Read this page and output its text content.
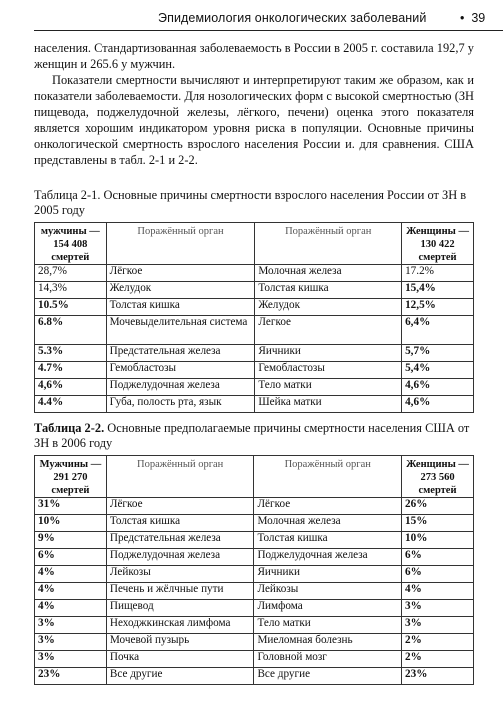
Эпидемиология онкологических заболеваний	• 39

населения. Стандартизованная заболеваемость в России в 2005 г. составила 192,7 у женщин и 265.6 у мужчин.

Показатели смертности вычисляют и интерпретируют таким же образом, как и показатели заболеваемости. Для нозологических форм с высокой смертностью (ЗН пищевода, поджелудочной железы, лёгкого, печени) оценка этого показателя является хорошим индикатором уровня риска в популяции. Основные причины онкологической смертность взрослого населения России и. для сравнения. США представлены в табл. 2-1 и 2-2.

Таблица 2-1. Основные причины смертности взрослого населения России от ЗН в 2005 году
мужчины — 154 408 смертей	Поражённый орган	Поражённый орган	Женщины — 130 422 смертей
28,7%	Лёгкое	Молочная железа	17.2%
14,3%	Желудок	Толстая кишка	15,4%
10.5%	Толстая кишка	Желудок	12,5%
6.8%	Мочевыделительная система	Легкое	6,4%
5.3%	Предстательная железа	Яичники	5,7%
4.7%	Гемобластозы	Гемобластозы	5,4%
4,6%	Поджелудочная железа	Тело матки	4,6%
4.4%	Губа, полость рта, язык	Шейка матки	4,6%
Таблица 2-2. Основные предполагаемые причины смертности населения США от ЗН в 2006 году
Мужчины — 291 270 смертей	Поражённый орган	Поражённый орган	Женщины — 273 560 смертей
31%	Лёгкое	Лёгкое	26%
10%	Толстая кишка	Молочная железа	15%
9%	Предстательная железа	Толстая кишка	10%
6%	Поджелудочная железа	Поджелудочная железа	6%
4%	Лейкозы	Яичники	6%
4%	Печень и жёлчные пути	Лейкозы	4%
4%	Пищевод	Лимфома	3%
3%	Неходжкинская лимфома	Тело матки	3%
3%	Мочевой пузырь	Миеломная болезнь	2%
3%	Почка	Головной мозг	2%
23%	Все другие	Все другие	23%
